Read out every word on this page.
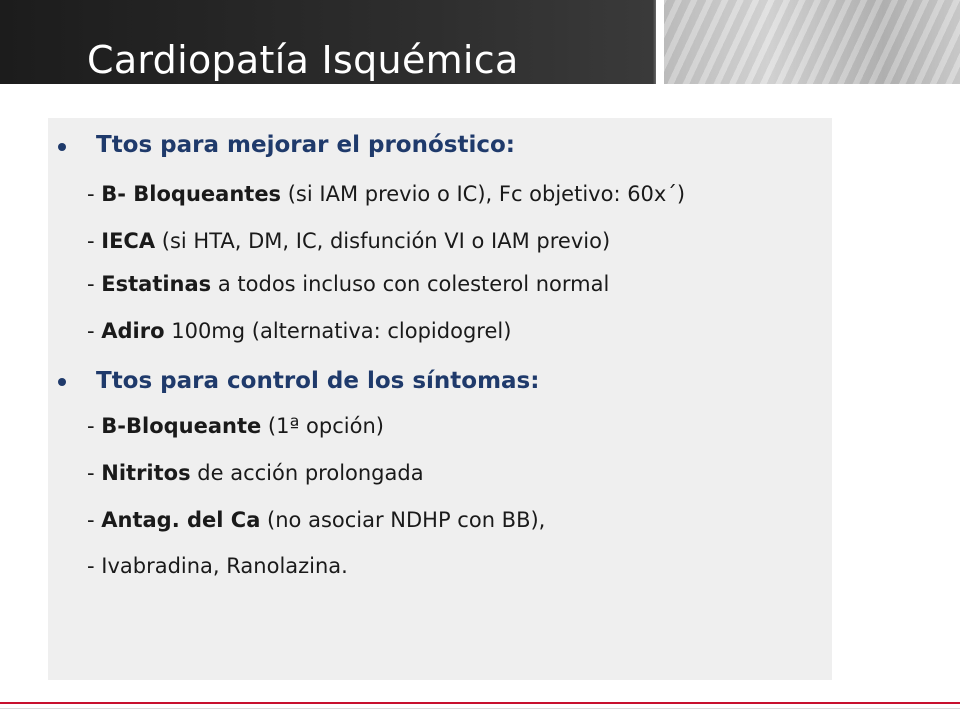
Cardiopatía Isquémica
Ttos para mejorar el pronóstico:
- B- Bloqueantes (si IAM previo o IC), Fc objetivo: 60x´)
- IECA (si HTA, DM, IC, disfunción VI o IAM previo)
- Estatinas a todos incluso con colesterol normal
- Adiro 100mg (alternativa: clopidogrel)
Ttos para control de los síntomas:
- B-Bloqueante (1ª opción)
- Nitritos de acción prolongada
- Antag. del Ca (no asociar NDHP con BB),
- Ivabradina, Ranolazina.
